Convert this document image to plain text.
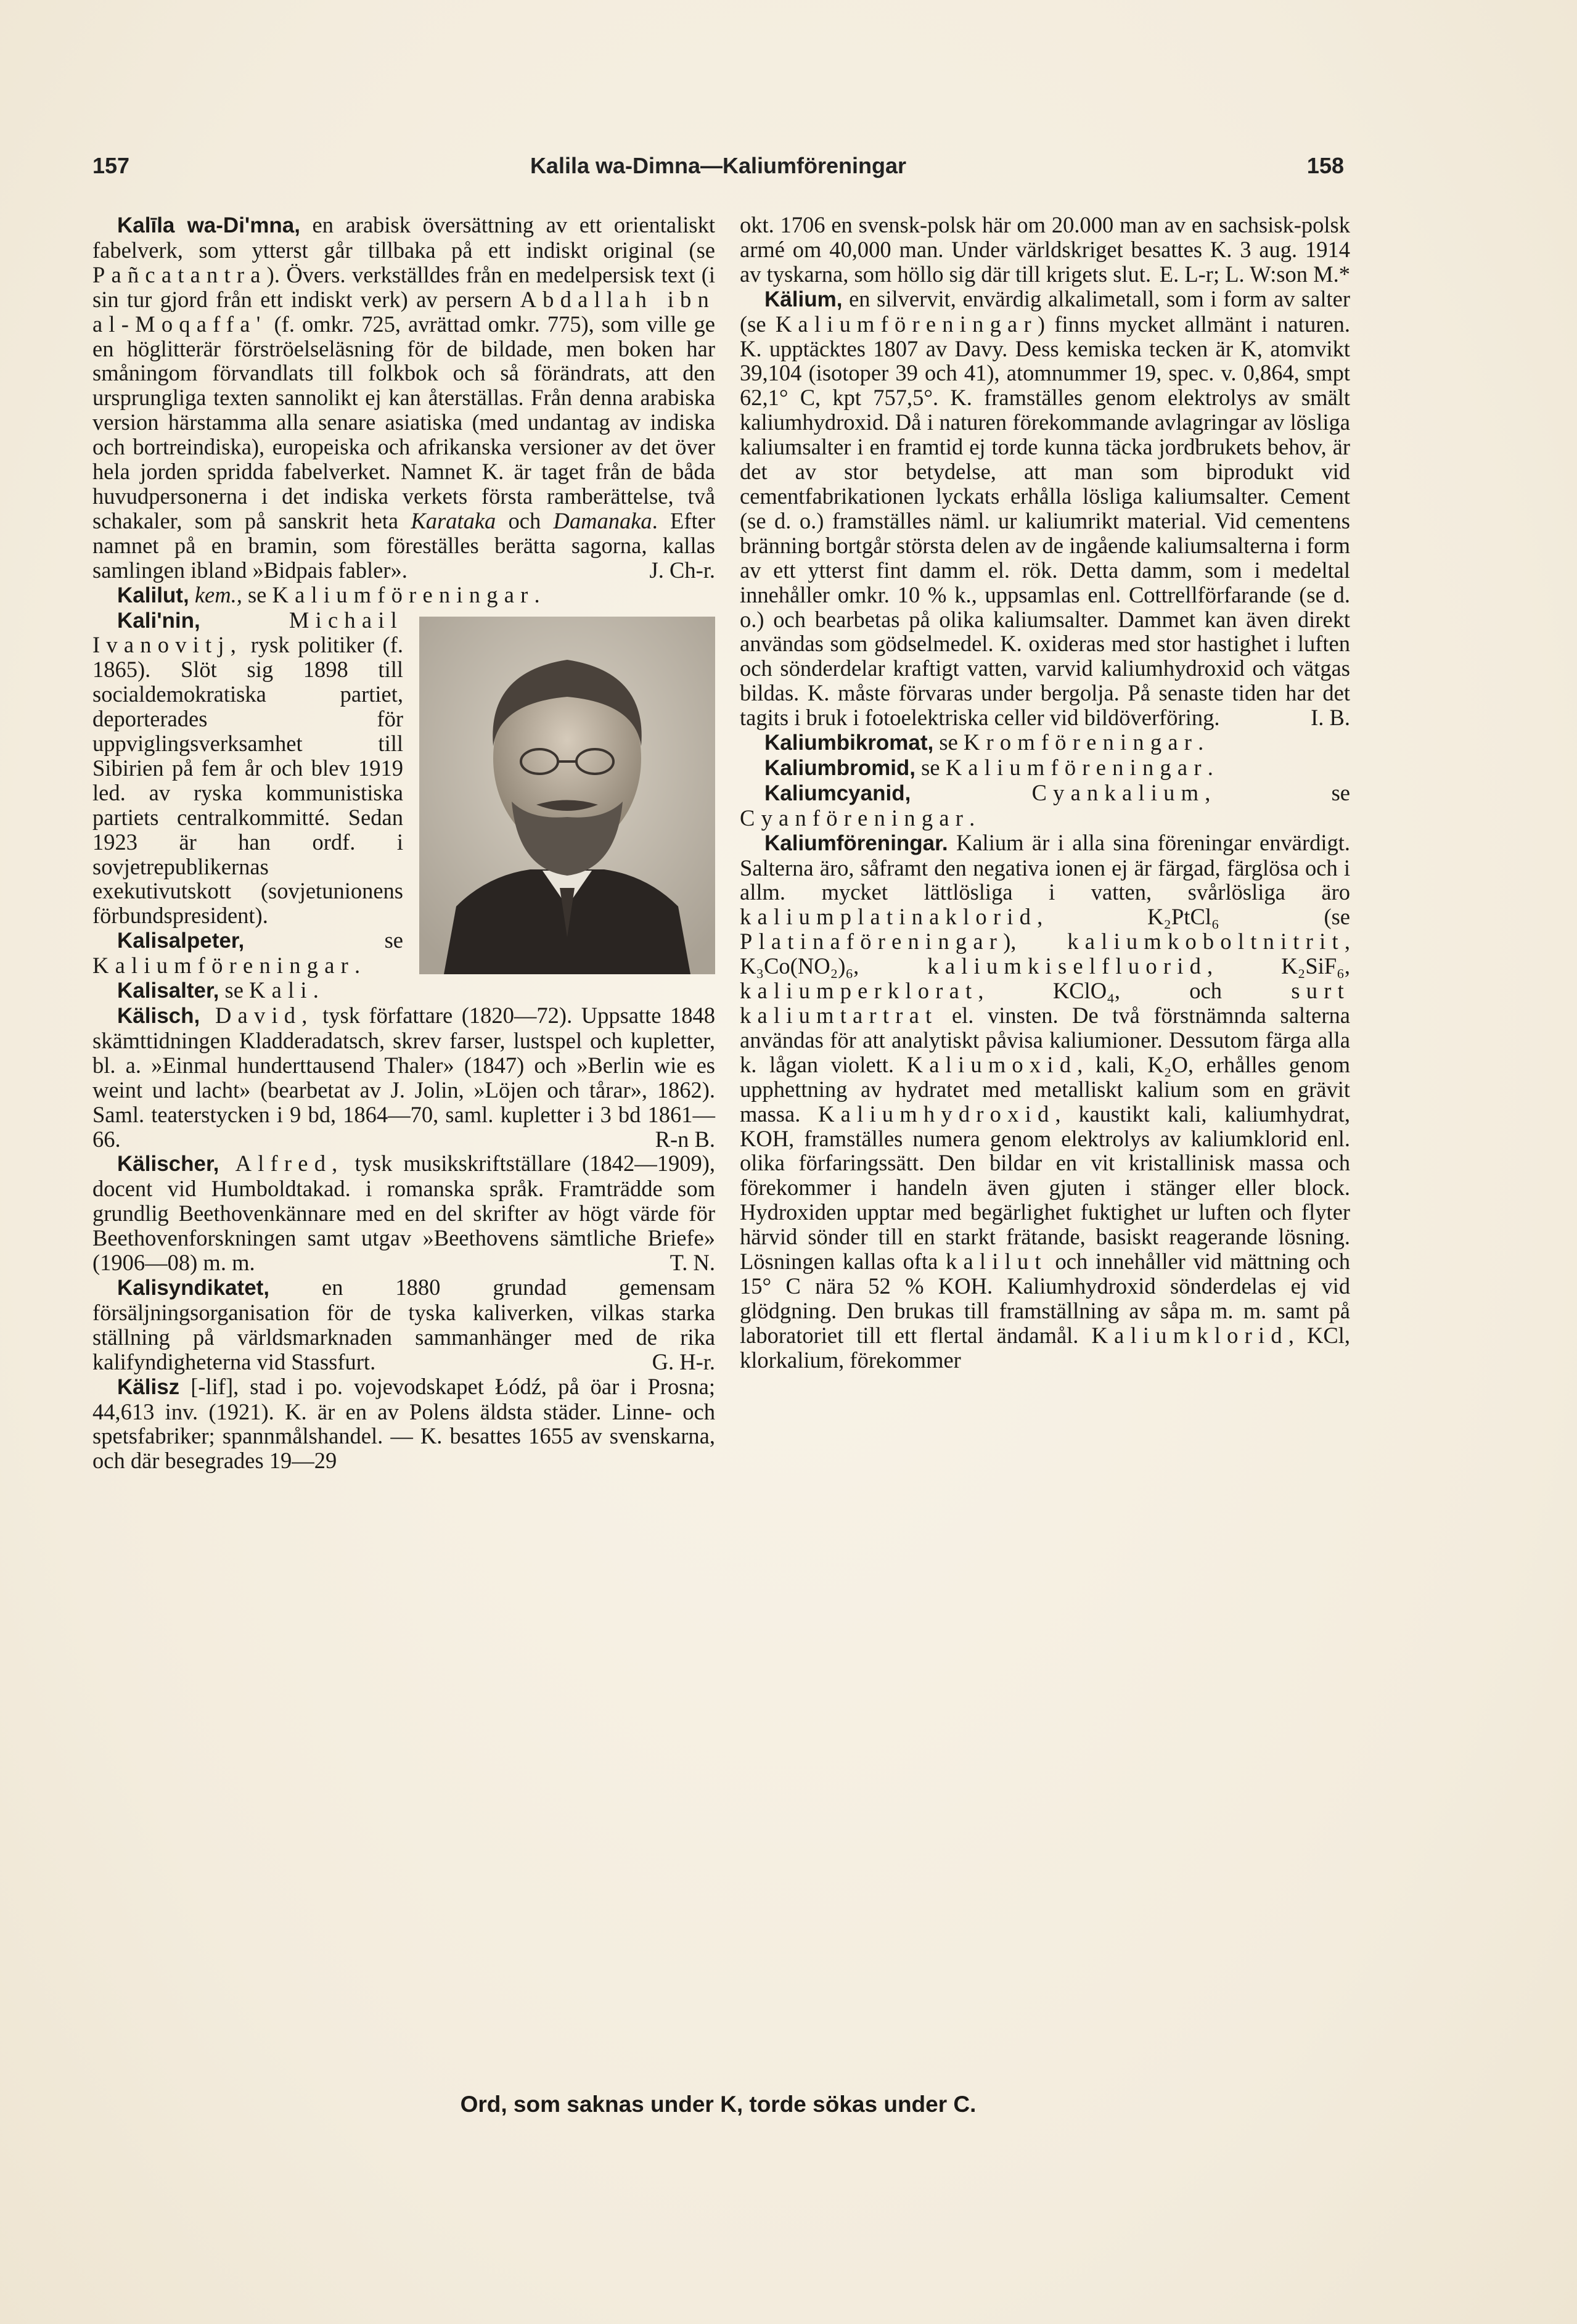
157	Kalila wa-Dimna—Kaliumföreningar	158

Kalīla wa-Di'mna, en arabisk översättning av ett orientaliskt fabelverk, som ytterst går tillbaka på ett indiskt original (se Pañcatantra). Övers. verkställdes från en medelpersisk text (i sin tur gjord från ett indiskt verk) av persern Abdallah ibn al-Moqaffa' (f. omkr. 725, avrättad omkr. 775), som ville ge en höglitterär förströelseläsning för de bildade, men boken har småningom förvandlats till folkbok och så förändrats, att den ursprungliga texten sannolikt ej kan återställas. Från denna arabiska version härstamma alla senare asiatiska (med undantag av indiska och bortreindiska), europeiska och afrikanska versioner av det över hela jorden spridda fabelverket. Namnet K. är taget från de båda huvudpersonerna i det indiska verkets första ramberättelse, två schakaler, som på sanskrit heta Karataka och Damanaka. Efter namnet på en bramin, som föreställes berätta sagorna, kallas samlingen ibland »Bidpais fabler».	J. Ch-r.

Kalilut, kem., se Kaliumföreningar.

Kali'nin, Michail Ivanovitj, rysk politiker (f. 1865). Slöt sig 1898 till socialdemokratiska partiet, deporterades för uppviglingsverksamhet till Sibirien på fem år och blev 1919 led. av ryska kommunistiska partiets centralkommitté. Sedan 1923 är han ordf. i sovjetrepublikernas exekutivutskott (sovjetunionens förbundspresident).

Kalisalpeter, se Kaliumföreningar.

Kalisalter, se Kali.

Kälisch, David, tysk författare (1820—72). Uppsatte 1848 skämttidningen Kladderadatsch, skrev farser, lustspel och kupletter, bl. a. »Einmal hunderttausend Thaler» (1847) och »Berlin wie es weint und lacht» (bearbetat av J. Jolin, »Löjen och tårar», 1862). Saml. teaterstycken i 9 bd, 1864—70, saml. kupletter i 3 bd 1861—66.	R-n B.

Kälischer, Alfred, tysk musikskriftställare (1842—1909), docent vid Humboldtakad. i romanska språk. Framträdde som grundlig Beethovenkännare med en del skrifter av högt värde för Beethovenforskningen samt utgav »Beethovens sämtliche Briefe» (1906—08) m. m.	T. N.

Kalisyndikatet, en 1880 grundad gemensam försäljningsorganisation för de tyska kaliverken, vilkas starka ställning på världsmarknaden sammanhänger med de rika kalifyndigheterna vid Stassfurt.	G. H-r.

Kälisz [-lif], stad i po. vojevodskapet Łódź, på öar i Prosna; 44,613 inv. (1921). K. är en av Polens äldsta städer. Linne- och spetsfabriker; spannmålshandel. — K. besattes 1655 av svenskarna, och där besegrades 19—29

okt. 1706 en svensk-polsk här om 20.000 man av en sachsisk-polsk armé om 40,000 man. Under världskriget besattes K. 3 aug. 1914 av tyskarna, som höllo sig där till krigets slut. E. L-r; L. W:son M.*

Kälium, en silvervit, envärdig alkalimetall, som i form av salter (se Kaliumföreningar) finns mycket allmänt i naturen. K. upptäcktes 1807 av Davy. Dess kemiska tecken är K, atomvikt 39,104 (isotoper 39 och 41), atomnummer 19, spec. v. 0,864, smpt 62,1° C, kpt 757,5°. K. framställes genom elektrolys av smält kaliumhydroxid. Då i naturen förekommande avlagringar av lösliga kaliumsalter i en framtid ej torde kunna täcka jordbrukets behov, är det av stor betydelse, att man som biprodukt vid cementfabrikationen lyckats erhålla lösliga kaliumsalter. Cement (se d. o.) framställes näml. ur kaliumrikt material. Vid cementens bränning bortgår största delen av de ingående kaliumsalterna i form av ett ytterst fint damm el. rök. Detta damm, som i medeltal innehåller omkr. 10 % k., uppsamlas enl. Cottrellförfarande (se d. o.) och bearbetas på olika kaliumsalter. Dammet kan även direkt användas som gödselmedel. K. oxideras med stor hastighet i luften och sönderdelar kraftigt vatten, varvid kaliumhydroxid och vätgas bildas. K. måste förvaras under bergolja. På senaste tiden har det tagits i bruk i fotoelektriska celler vid bildöverföring.	I. B.

Kaliumbikromat, se Kromföreningar.

Kaliumbromid, se Kaliumföreningar.

Kaliumcyanid, Cyankalium, se Cyanföreningar.

Kaliumföreningar. Kalium är i alla sina föreningar envärdigt. Salterna äro, såframt den negativa ionen ej är färgad, färglösa och i allm. mycket lättlösliga i vatten, svårlösliga äro kaliumplatinaklorid, K₂PtCl₆ (se Platinaföreningar), kaliumkoboltnitrit, K₃Co(NO₂)₆, kaliumkiselfluorid, K₂SiF₆, kaliumperklorat, KClO₄, och surt kaliumtartrat el. vinsten. De två förstnämnda salterna användas för att analytiskt påvisa kaliumioner. Dessutom färga alla k. lågan violett. Kaliumoxid, kali, K₂O, erhålles genom upphettning av hydratet med metalliskt kalium som en grävit massa. Kaliumhydroxid, kaustikt kali, kaliumhydrat, KOH, framställes numera genom elektrolys av kaliumklorid enl. olika förfaringssätt. Den bildar en vit kristallinisk massa och förekommer i handeln även gjuten i stänger eller block. Hydroxiden upptar med begärlighet fuktighet ur luften och flyter härvid sönder till en starkt frätande, basiskt reagerande lösning. Lösningen kallas ofta kalilut och innehåller vid mättning och 15° C nära 52 % KOH. Kaliumhydroxid sönderdelas ej vid glödgning. Den brukas till framställning av såpa m. m. samt på laboratoriet till ett flertal ändamål. Kaliumklorid, KCl, klorkalium, förekommer

Ord, som saknas under K, torde sökas under C.
